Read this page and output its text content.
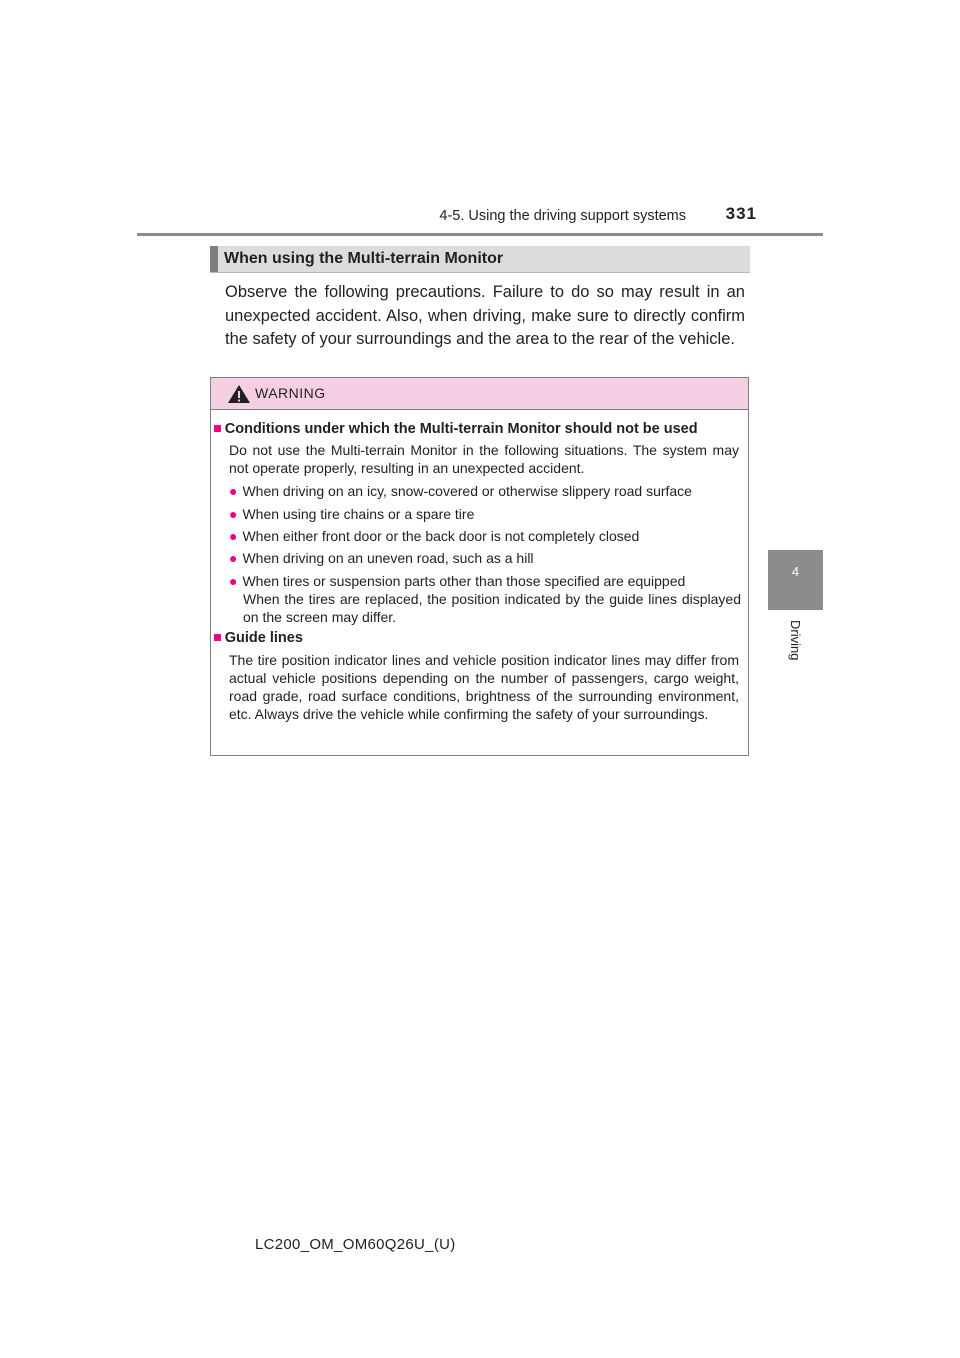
4-5. Using the driving support systems	331
4
Driving
When using the Multi-terrain Monitor

Observe the following precautions. Failure to do so may result in an unexpected accident. Also, when driving, make sure to directly confirm the safety of your surroundings and the area to the rear of the vehicle.

WARNING
■ Conditions under which the Multi-terrain Monitor should not be used

Do not use the Multi-terrain Monitor in the following situations. The system may not operate properly, resulting in an unexpected accident.

● When driving on an icy, snow-covered or otherwise slippery road surface
● When using tire chains or a spare tire
● When either front door or the back door is not completely closed
● When driving on an uneven road, such as a hill
● When tires or suspension parts other than those specified are equipped

When the tires are replaced, the position indicated by the guide lines displayed on the screen may differ.

■ Guide lines

The tire position indicator lines and vehicle position indicator lines may differ from actual vehicle positions depending on the number of passengers, cargo weight, road grade, road surface conditions, brightness of the surrounding environment, etc. Always drive the vehicle while confirming the safety of your surroundings.

LC200_OM_OM60Q26U_(U)
